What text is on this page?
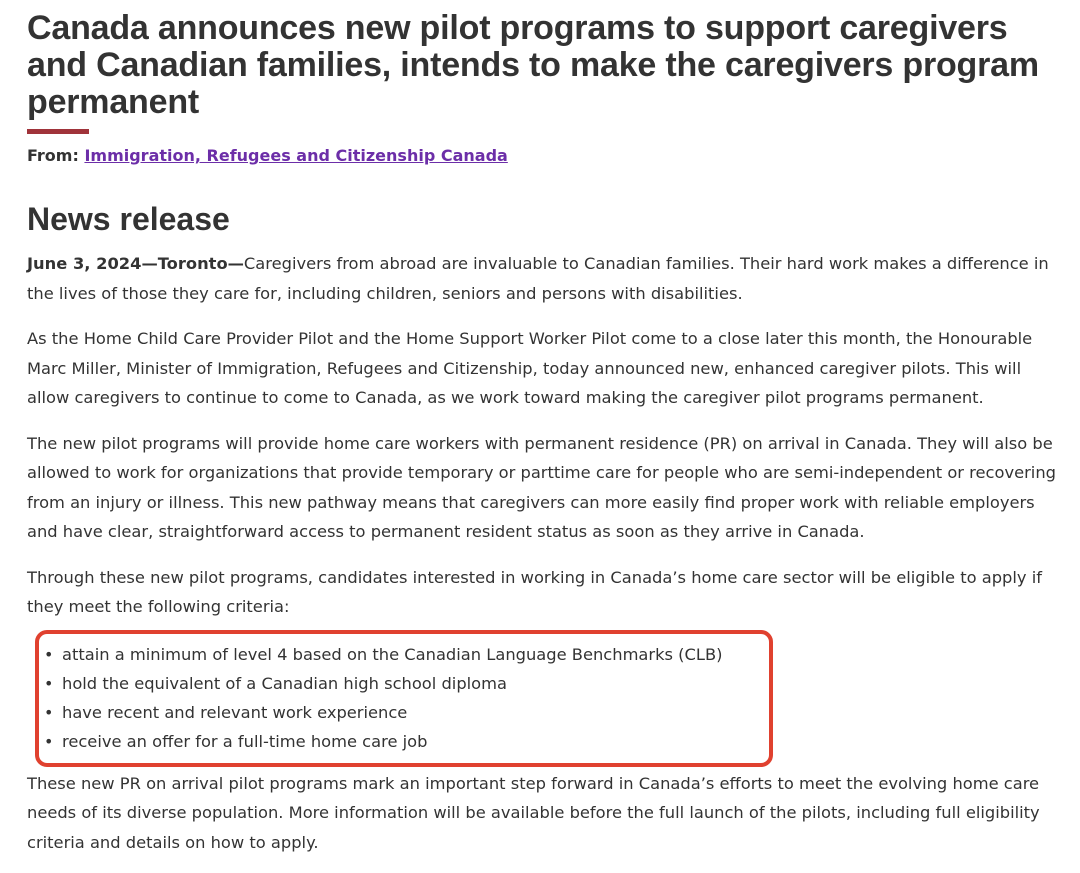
Canada announces new pilot programs to support caregivers and Canadian families, intends to make the caregivers program permanent
From: Immigration, Refugees and Citizenship Canada
News release

June 3, 2024—Toronto—Caregivers from abroad are invaluable to Canadian families. Their hard work makes a difference in the lives of those they care for, including children, seniors and persons with disabilities.

As the Home Child Care Provider Pilot and the Home Support Worker Pilot come to a close later this month, the Honourable Marc Miller, Minister of Immigration, Refugees and Citizenship, today announced new, enhanced caregiver pilots. This will allow caregivers to continue to come to Canada, as we work toward making the caregiver pilot programs permanent.

The new pilot programs will provide home care workers with permanent residence (PR) on arrival in Canada. They will also be allowed to work for organizations that provide temporary or parttime care for people who are semi-independent or recovering from an injury or illness. This new pathway means that caregivers can more easily find proper work with reliable employers and have clear, straightforward access to permanent resident status as soon as they arrive in Canada.

Through these new pilot programs, candidates interested in working in Canada’s home care sector will be eligible to apply if they meet the following criteria:

• attain a minimum of level 4 based on the Canadian Language Benchmarks (CLB)
• hold the equivalent of a Canadian high school diploma
• have recent and relevant work experience
• receive an offer for a full-time home care job

These new PR on arrival pilot programs mark an important step forward in Canada’s efforts to meet the evolving home care needs of its diverse population. More information will be available before the full launch of the pilots, including full eligibility criteria and details on how to apply.
